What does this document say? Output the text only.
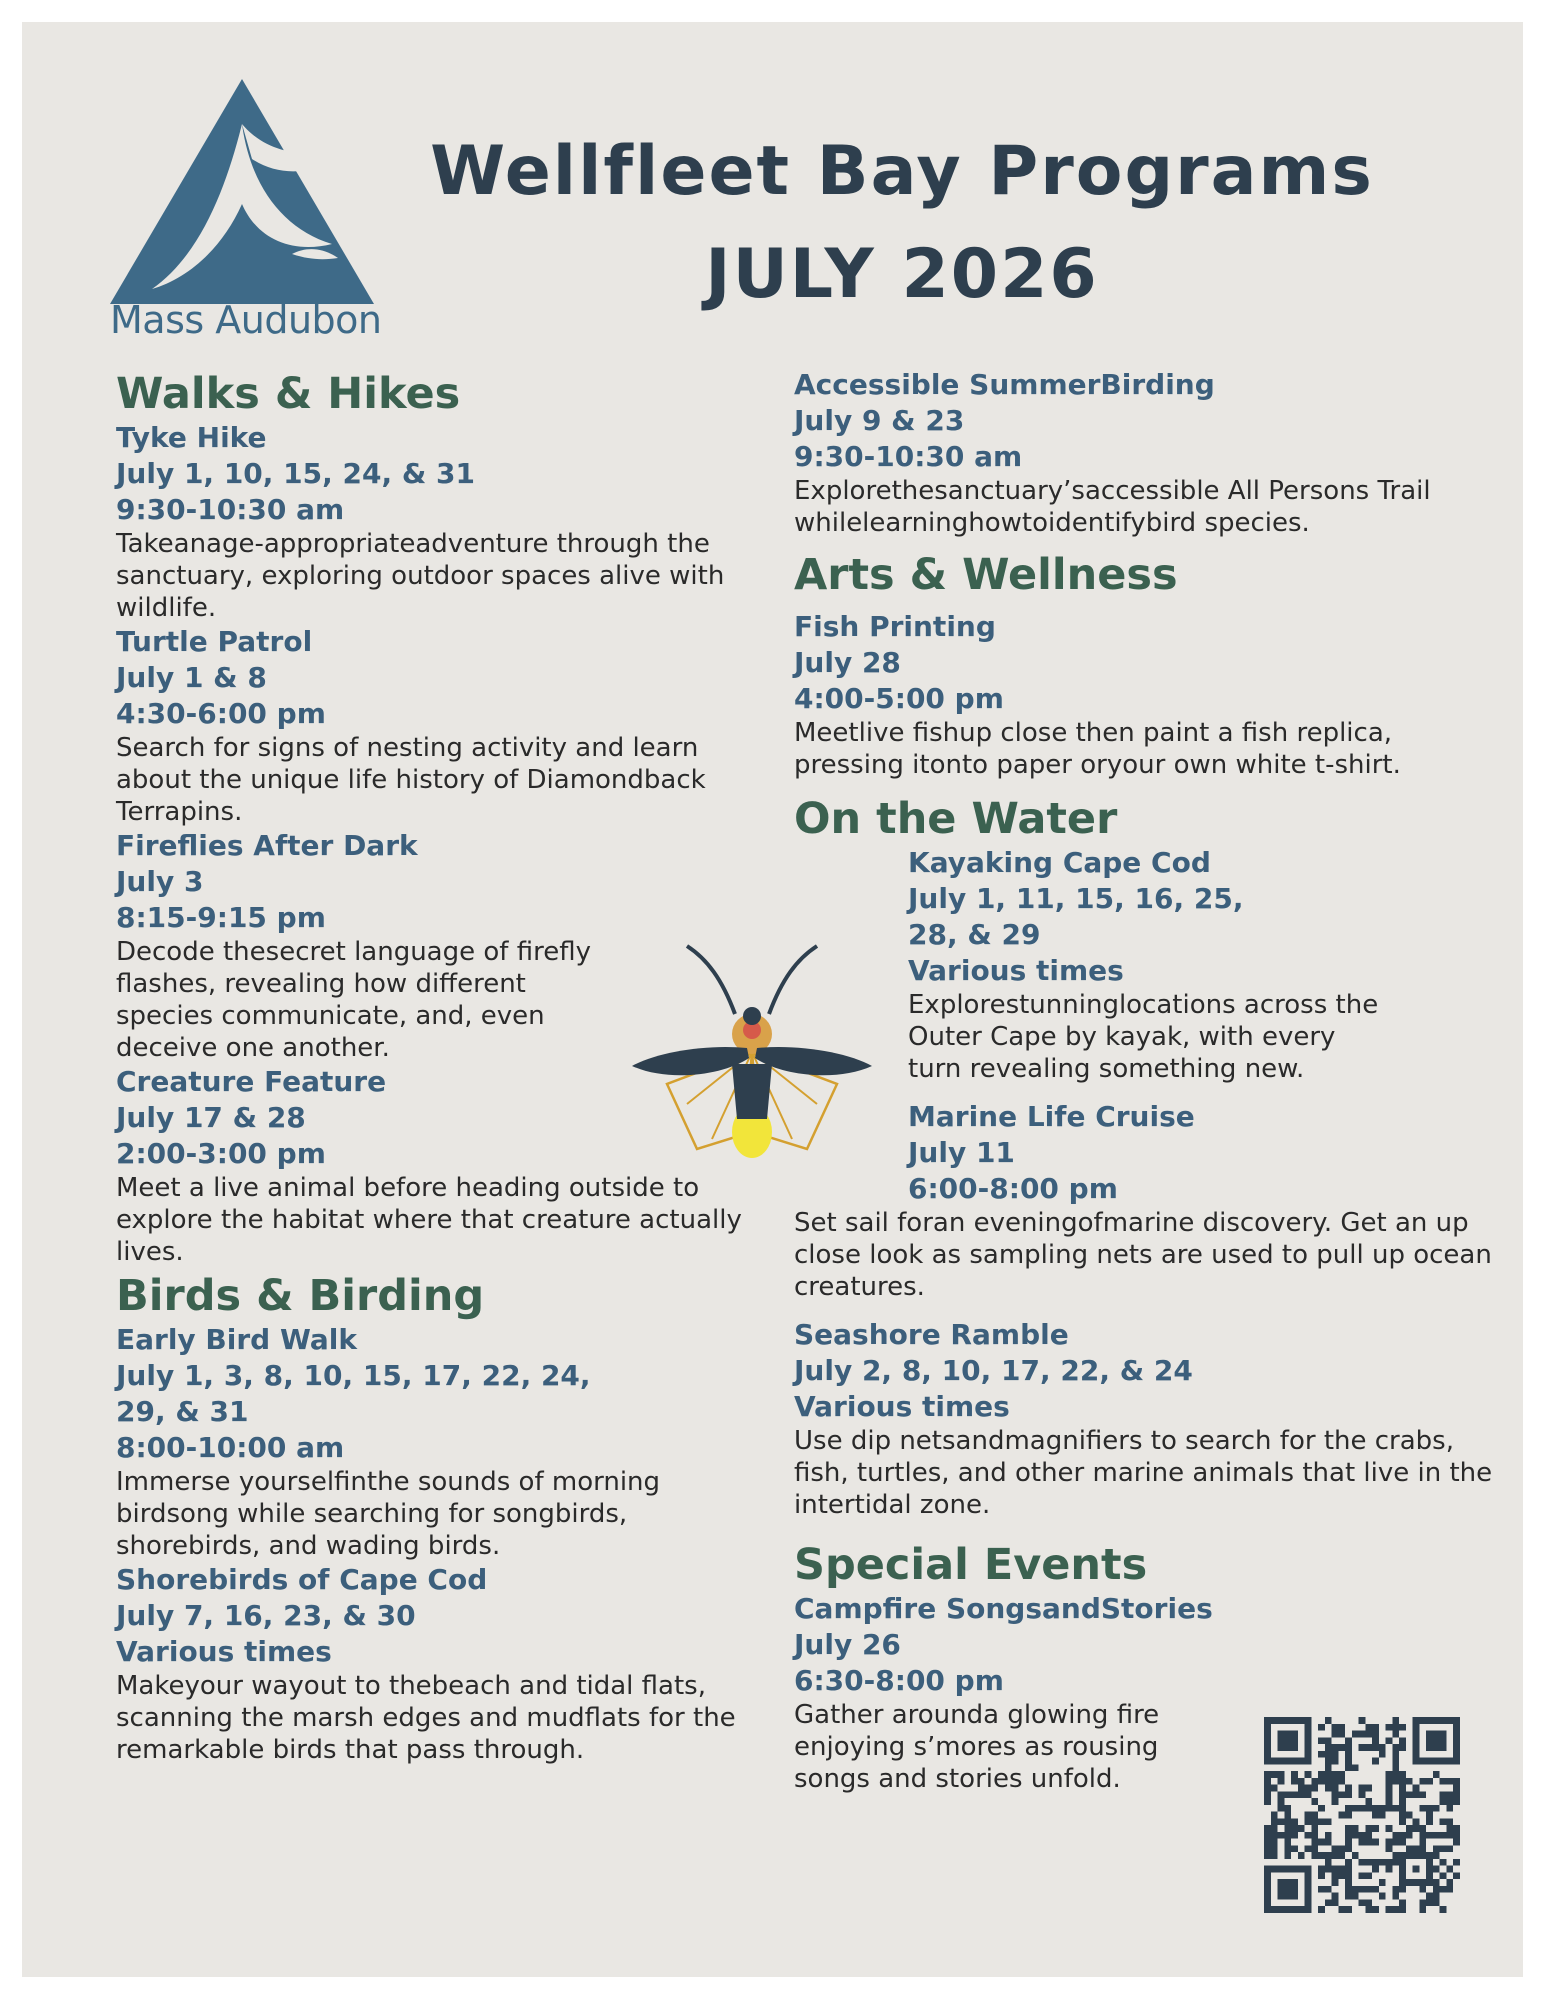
Mass Audubon
Wellfleet Bay Programs
JULY 2026
Walks & Hikes
Tyke Hike
July 1, 10, 15, 24, & 31
9:30-10:30 am
Takeanage-appropriateadventure through the sanctuary, exploring outdoor spaces alive with wildlife.
Turtle Patrol
July 1 & 8
4:30-6:00 pm
Search for signs of nesting activity and learn about the unique life history of Diamondback Terrapins.
Fireflies After Dark
July 3
8:15-9:15 pm
Decode thesecret language of firefly
flashes, revealing how different
species communicate, and, even
deceive one another.
Creature Feature
July 17 & 28
2:00-3:00 pm
Meet a live animal before heading outside to explore the habitat where that creature actually lives.
Birds & Birding
Early Bird Walk
July 1, 3, 8, 10, 15, 17, 22, 24,
29, & 31
8:00-10:00 am
Immerse yourselfinthe sounds of morning birdsong while searching for songbirds, shorebirds, and wading birds.
Shorebirds of Cape Cod
July 7, 16, 23, & 30
Various times
Makeyour wayout to thebeach and tidal flats, scanning the marsh edges and mudflats for the remarkable birds that pass through.
Accessible SummerBirding
July 9 & 23
9:30-10:30 am
Explorethesanctuary’saccessible All Persons Trail whilelearninghowtoidentifybird species.
Arts & Wellness
Fish Printing
July 28
4:00-5:00 pm
Meetlive fishup close then paint a fish replica, pressing itonto paper oryour own white t-shirt.
On the Water
Kayaking Cape Cod
July 1, 11, 15, 16, 25,
28, & 29
Various times
Explorestunninglocations across the Outer Cape by kayak, with every turn revealing something new.
Marine Life Cruise
July 11
6:00-8:00 pm
Set sail foran eveningofmarine discovery. Get an up close look as sampling nets are used to pull up ocean creatures.
Seashore Ramble
July 2, 8, 10, 17, 22, & 24
Various times
Use dip netsandmagnifiers to search for the crabs, fish, turtles, and other marine animals that live in the intertidal zone.
Special Events
Campfire SongsandStories
July 26
6:30-8:00 pm
Gather arounda glowing fire
enjoying s’mores as rousing
songs and stories unfold.
